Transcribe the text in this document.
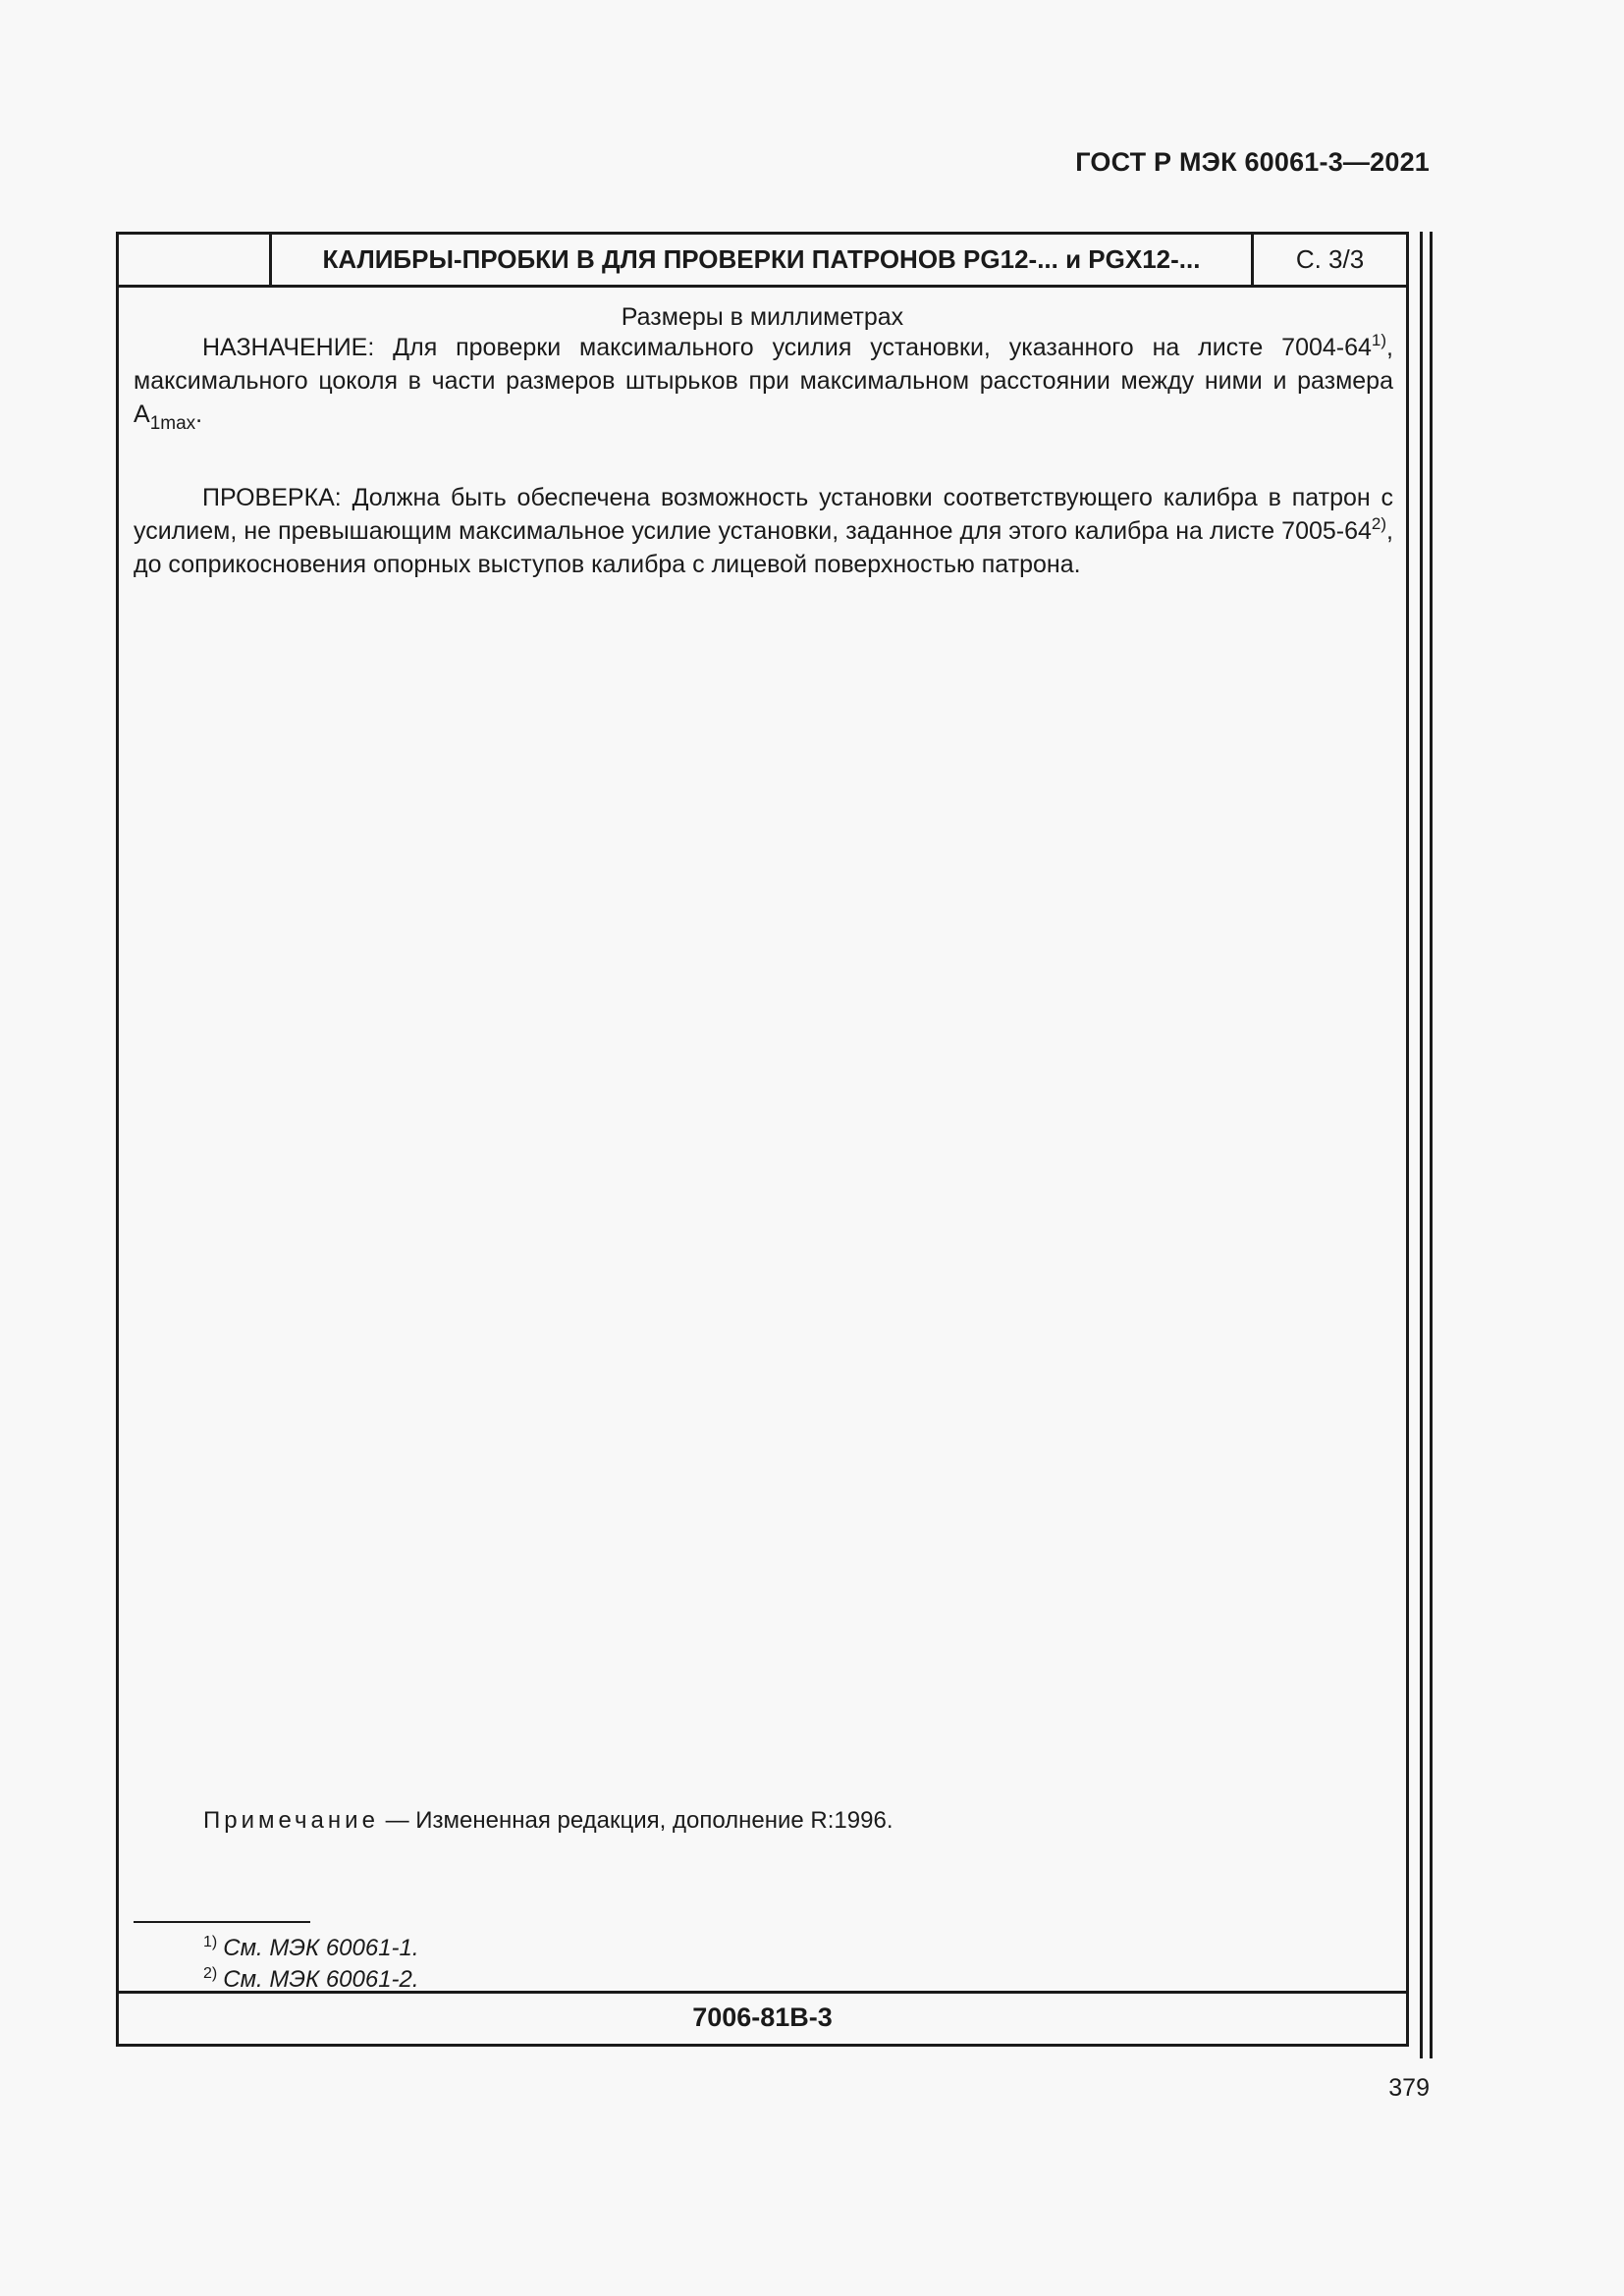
ГОСТ Р МЭК 60061-3—2021
КАЛИБРЫ-ПРОБКИ В ДЛЯ ПРОВЕРКИ ПАТРОНОВ PG12-... и PGX12-...	С. 3/3
Размеры в миллиметрах

НАЗНАЧЕНИЕ: Для проверки максимального усилия установки, указанного на листе 7004-64$^{1)}$, максимального цоколя в части размеров штырьков при максимальном расстоянии между ними и размера $А_{1max}$.

ПРОВЕРКА: Должна быть обеспечена возможность установки соответствующего калибра в патрон с усилием, не превышающим максимальное усилие установки, заданное для этого калибра на листе 7005-64$^{2)}$, до соприкосновения опорных выступов калибра с лицевой поверхностью патрона.

Примечание — Измененная редакция, дополнение R:1996.
$^{1)}$ См. МЭК 60061-1.
$^{2)}$ См. МЭК 60061-2.
7006-81В-3
379
